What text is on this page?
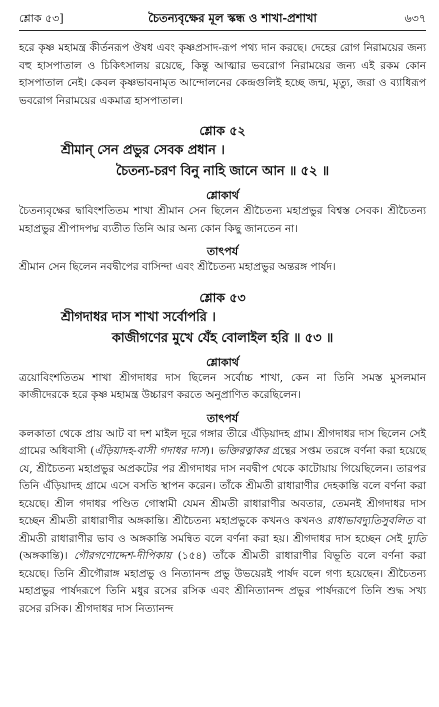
শ্লোক ৫৩]	চৈতন্যবৃক্ষের মূল স্কন্ধ ও শাখা-প্রশাখা	৬৩৭

হরে কৃষ্ণ মহামন্ত্র কীর্তনরূপ ঔষধ এবং কৃষ্ণপ্রসাদ-রূপ পথ্য দান করছে। দেহের রোগ নিরাময়ের জন্য বহু হাসপাতাল ও চিকিৎসালয় রয়েছে, কিন্তু আত্মার ভবরোগ নিরাময়ের জন্য এই রকম কোন হাসপাতাল নেই। কেবল কৃষ্ণভাবনামৃত আন্দোলনের কেন্দ্রগুলিই হচ্ছে জন্ম, মৃত্যু, জরা ও ব্যাধিরূপ ভবরোগ নিরাময়ের একমাত্র হাসপাতাল।

শ্লোক ৫২
শ্রীমান্ সেন প্রভুর সেবক প্রধান ।
চৈতন্য-চরণ বিনু নাহি জানে আন ॥ ৫২ ॥
শ্লোকার্থ

চৈতন্যবৃক্ষের দ্বাবিংশতিতম শাখা শ্রীমান সেন ছিলেন শ্রীচৈতন্য মহাপ্রভুর বিশ্বস্ত সেবক। শ্রীচৈতন্য মহাপ্রভুর শ্রীপাদপদ্ম ব্যতীত তিনি আর অন্য কোন কিছু জানতেন না।

তাৎপর্য

শ্রীমান সেন ছিলেন নবদ্বীপের বাসিন্দা এবং শ্রীচৈতন্য মহাপ্রভুর অন্তরঙ্গ পার্ষদ।

শ্লোক ৫৩
শ্রীগদাধর দাস শাখা সর্বোপরি ।
কাজীগণের মুখে যেঁহ বোলাইল হরি ॥ ৫৩ ॥
শ্লোকার্থ

ত্রয়োবিংশতিতম শাখা শ্রীগদাধর দাস ছিলেন সর্বোচ্চ শাখা, কেন না তিনি সমস্ত মুসলমান কাজীদেরকে হরে কৃষ্ণ মহামন্ত্র উচ্চারণ করতে অনুপ্রাণিত করেছিলেন।

তাৎপর্য

কলকাতা থেকে প্রায় আট বা দশ মাইল দূরে গঙ্গার তীরে এঁড়িয়াদহ গ্রাম। শ্রীগদাধর দাস ছিলেন সেই গ্রামের অধিবাসী (এঁড়িয়াদহ-বাসী গদাধর দাস)। ভক্তিরত্নাকর গ্রন্থের সপ্তম তরঙ্গে বর্ণনা করা হয়েছে যে, শ্রীচৈতন্য মহাপ্রভুর অপ্রকটের পর শ্রীগদাধর দাস নবদ্বীপ থেকে কাটোয়ায় গিয়েছিলেন। তারপর তিনি এঁড়িয়াদহ গ্রামে এসে বসতি স্থাপন করেন। তাঁকে শ্রীমতী রাধারাণীর দেহকান্তি বলে বর্ণনা করা হয়েছে। শ্রীল গদাধর পণ্ডিত গোস্বামী যেমন শ্রীমতী রাধারাণীর অবতার, তেমনই শ্রীগদাধর দাস হচ্ছেন শ্রীমতী রাধারাণীর অঙ্গকান্তি। শ্রীচৈতন্য মহাপ্রভুকে কখনও কখনও রাধাভাবদ্যুতিসুবলিত বা শ্রীমতী রাধারাণীর ভাব ও অঙ্গকান্তি সমন্বিত বলে বর্ণনা করা হয়। শ্রীগদাধর দাস হচ্ছেন সেই দ্যুতি (অঙ্গকান্তি)। গৌরগণোদ্দেশ-দীপিকায় (১৫৪) তাঁকে শ্রীমতী রাধারাণীর বিভূতি বলে বর্ণনা করা হয়েছে। তিনি শ্রীগৌরাঙ্গ মহাপ্রভু ও নিত্যানন্দ প্রভু উভয়েরই পার্ষদ বলে গণ্য হয়েছেন। শ্রীচৈতন্য মহাপ্রভুর পার্ষদরূপে তিনি মধুর রসের রসিক এবং শ্রীনিত্যানন্দ প্রভুর পার্ষদরূপে তিনি শুদ্ধ সখ্য রসের রসিক। শ্রীগদাধর দাস নিত্যানন্দ
